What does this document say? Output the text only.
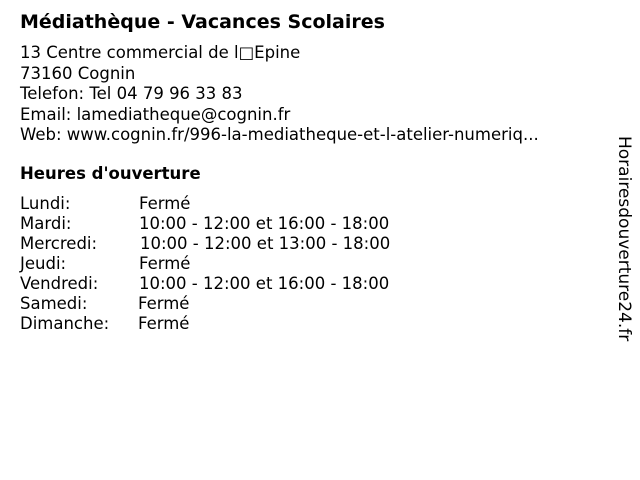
Médiathèque - Vacances Scolaires
13 Centre commercial de l□Epine
73160 Cognin
Telefon: Tel 04 79 96 33 83
Email: lamediatheque@cognin.fr
Web: www.cognin.fr/996-la-mediatheque-et-l-atelier-numeriq...
Heures d'ouverture
Lundi:	Fermé
Mardi:	10:00 - 12:00 et 16:00 - 18:00
Mercredi:	10:00 - 12:00 et 13:00 - 18:00
Jeudi:	Fermé
Vendredi: 10:00 - 12:00 et 16:00 - 18:00
Samedi:	Fermé
Dimanche: Fermé	Horairesdouverture24.fr
